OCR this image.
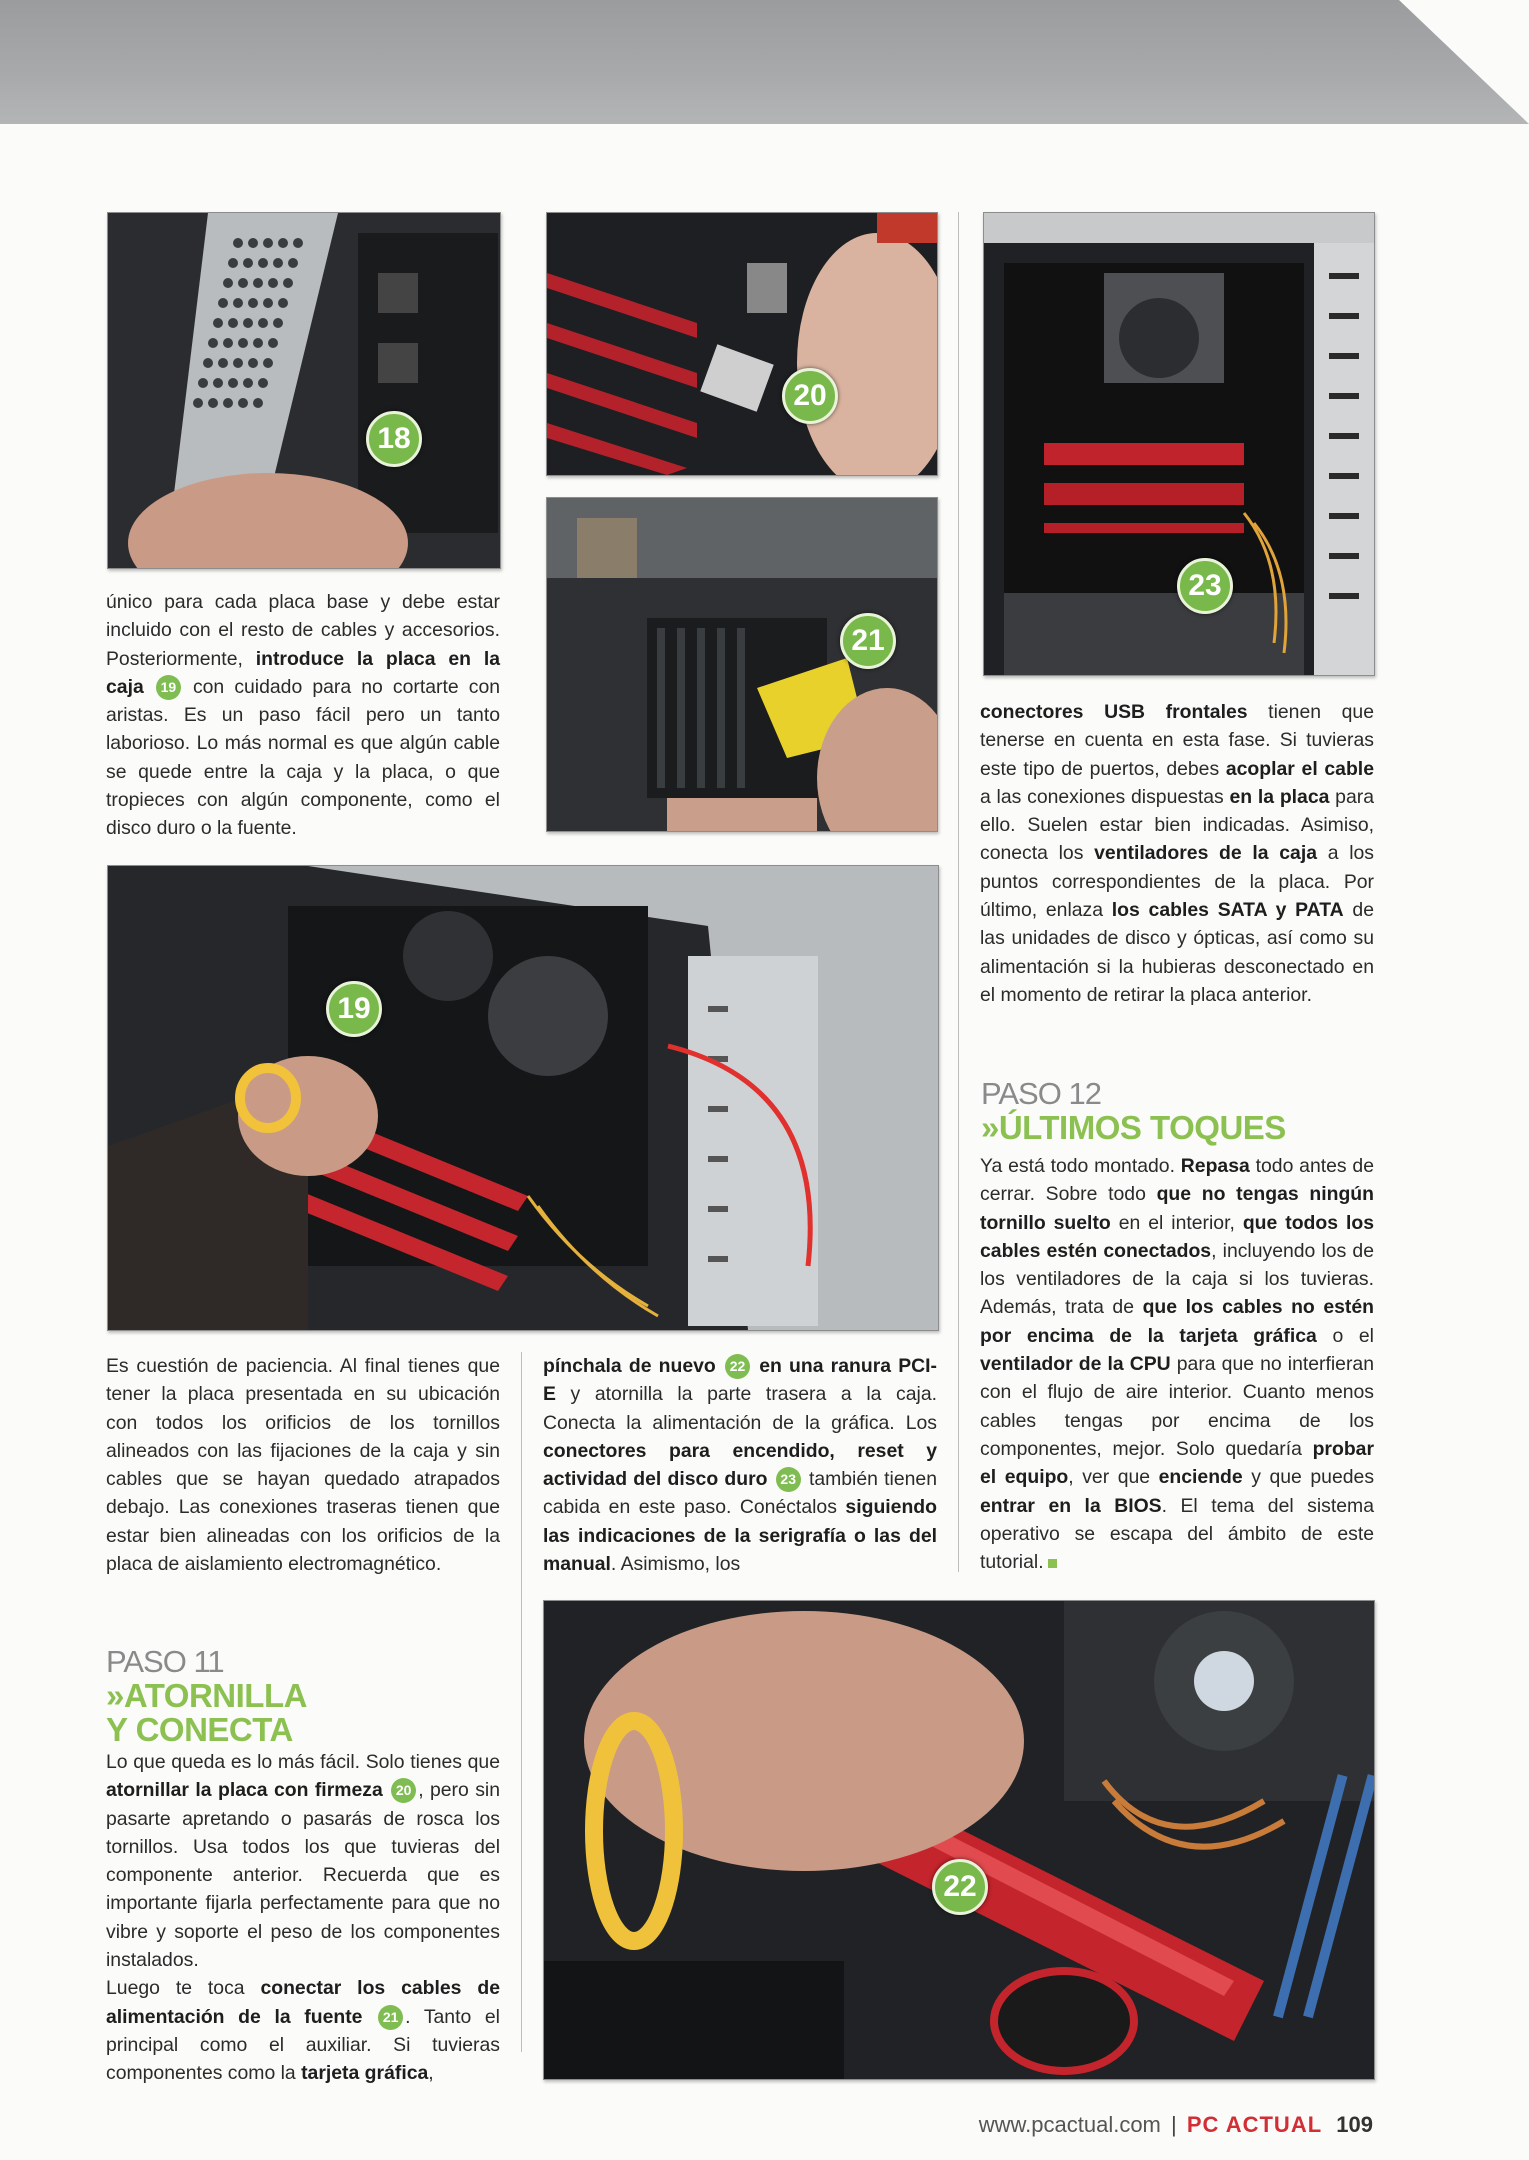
18
20
21
23

único para cada placa base y debe estar incluido con el resto de cables y accesorios. Posteriormente, introduce la placa en la caja 19 con cuidado para no cortarte con aristas. Es un paso fácil pero un tanto laborioso. Lo más normal es que algún cable se quede entre la caja y la placa, o que tropieces con algún componente, como el disco duro o la fuente.

19

conectores USB frontales tienen que tenerse en cuenta en esta fase. Si tuvieras este tipo de puertos, debes acoplar el cable a las conexiones dispuestas en la placa para ello. Suelen estar bien indicadas. Asimiso, conecta los ventiladores de la caja a los puntos correspondientes de la placa. Por último, enlaza los cables SATA y PATA de las unidades de disco y ópticas, así como su alimentación si la hubieras desconectado en el momento de retirar la placa anterior.

PASO 12
»ÚLTIMOS TOQUES

Ya está todo montado. Repasa todo antes de cerrar. Sobre todo que no tengas ningún tornillo suelto en el interior, que todos los cables estén conectados, incluyendo los de los ventiladores de la caja si los tuvieras. Además, trata de que los cables no estén por encima de la tarjeta gráfica o el ventilador de la CPU para que no interfieran con el flujo de aire interior. Cuanto menos cables tengas por encima de los componentes, mejor. Solo quedaría probar el equipo, ver que enciende y que puedes entrar en la BIOS. El tema del sistema operativo se escapa del ámbito de este tutorial.

Es cuestión de paciencia. Al final tienes que tener la placa presentada en su ubicación con todos los orificios de los tornillos alineados con las fijaciones de la caja y sin cables que se hayan quedado atrapados debajo. Las conexiones traseras tienen que estar bien alineadas con los orificios de la placa de aislamiento electromagnético.

PASO 11
»ATORNILLA
Y CONECTA

Lo que queda es lo más fácil. Solo tienes que atornillar la placa con firmeza 20 , pero sin pasarte apretando o pasarás de rosca los tornillos. Usa todos los que tuvieras del componente anterior. Recuerda que es importante fijarla perfectamente para que no vibre y soporte el peso de los componentes instalados.

Luego te toca conectar los cables de alimentación de la fuente 21 . Tanto el principal como el auxiliar. Si tuvieras componentes como la tarjeta gráfica,

pínchala de nuevo 22 en una ranura PCI-E y atornilla la parte trasera a la caja. Conecta la alimentación de la gráfica. Los conectores para encendido, reset y actividad del disco duro 23 también tienen cabida en este paso. Conéctalos siguiendo las indicaciones de la serigrafía o las del manual. Asimismo, los

22
www.pcactual.com | PC ACTUAL 109
